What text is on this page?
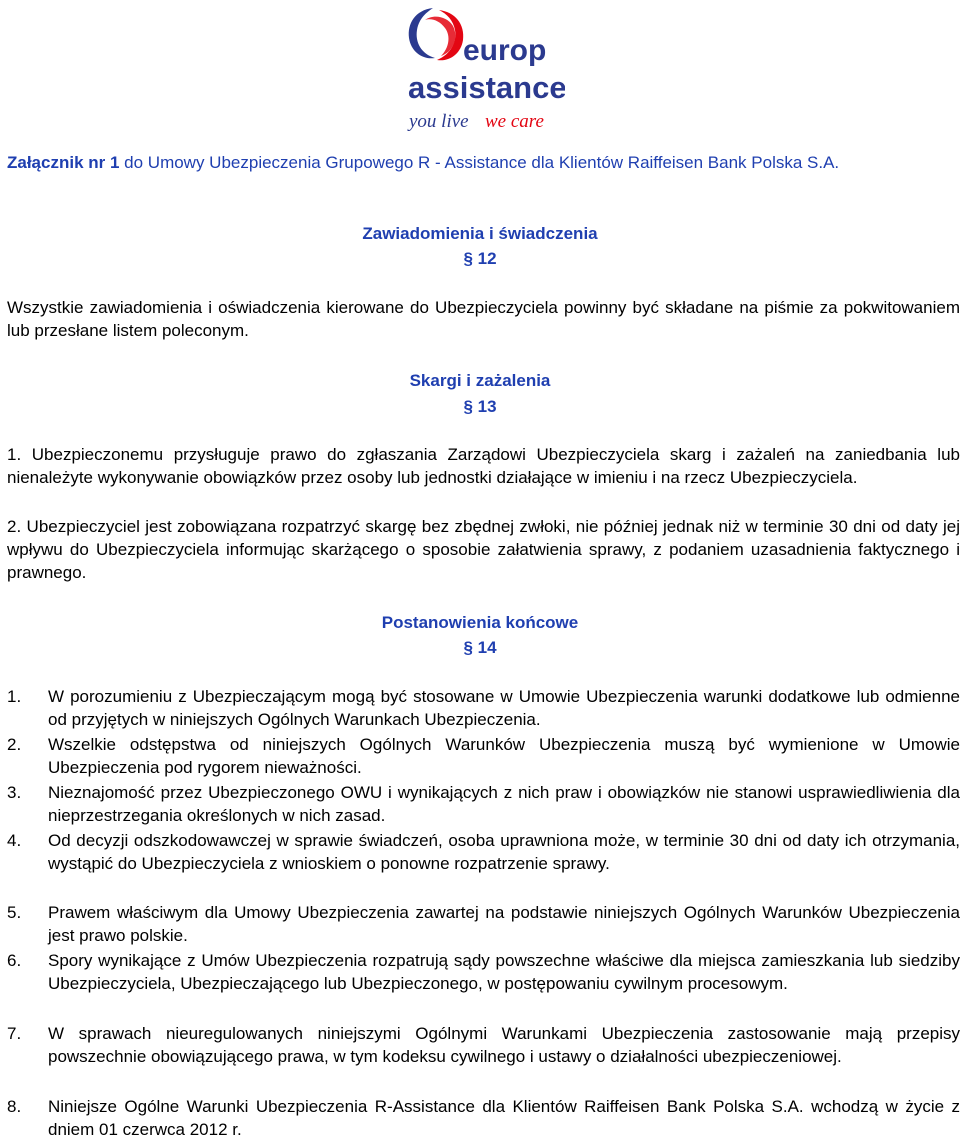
europ
assistance
you live we care
Załącznik nr 1 do Umowy Ubezpieczenia Grupowego R - Assistance dla Klientów Raiffeisen Bank Polska S.A.
Zawiadomienia i świadczenia
§ 12
Wszystkie zawiadomienia i oświadczenia kierowane do Ubezpieczyciela powinny być składane na piśmie za pokwitowaniem lub przesłane listem poleconym.
Skargi i zażalenia
§ 13
1. Ubezpieczonemu przysługuje prawo do zgłaszania Zarządowi Ubezpieczyciela skarg i zażaleń na zaniedbania lub nienależyte wykonywanie obowiązków przez osoby lub jednostki działające w imieniu i na rzecz Ubezpieczyciela.
2. Ubezpieczyciel jest zobowiązana rozpatrzyć skargę bez zbędnej zwłoki, nie później jednak niż w terminie 30 dni od daty jej wpływu do Ubezpieczyciela informując skarżącego o sposobie załatwienia sprawy, z podaniem uzasadnienia faktycznego i prawnego.
Postanowienia końcowe
§ 14
1. W porozumieniu z Ubezpieczającym mogą być stosowane w Umowie Ubezpieczenia warunki dodatkowe lub odmienne od przyjętych w niniejszych Ogólnych Warunkach Ubezpieczenia.
2. Wszelkie odstępstwa od niniejszych Ogólnych Warunków Ubezpieczenia muszą być wymienione w Umowie Ubezpieczenia pod rygorem nieważności.
3. Nieznajomość przez Ubezpieczonego OWU i wynikających z nich praw i obowiązków nie stanowi usprawiedliwienia dla nieprzestrzegania określonych w nich zasad.
4. Od decyzji odszkodowawczej w sprawie świadczeń, osoba uprawniona może, w terminie 30 dni od daty ich otrzymania, wystąpić do Ubezpieczyciela z wnioskiem o ponowne rozpatrzenie sprawy.
5. Prawem właściwym dla Umowy Ubezpieczenia zawartej na podstawie niniejszych Ogólnych Warunków Ubezpieczenia jest prawo polskie.
6. Spory wynikające z Umów Ubezpieczenia rozpatrują sądy powszechne właściwe dla miejsca zamieszkania lub siedziby Ubezpieczyciela, Ubezpieczającego lub Ubezpieczonego, w postępowaniu cywilnym procesowym.
7. W sprawach nieuregulowanych niniejszymi Ogólnymi Warunkami Ubezpieczenia zastosowanie mają przepisy powszechnie obowiązującego prawa, w tym kodeksu cywilnego i ustawy o działalności ubezpieczeniowej.
8. Niniejsze Ogólne Warunki Ubezpieczenia R-Assistance dla Klientów Raiffeisen Bank Polska S.A. wchodzą w życie z dniem 01 czerwca 2012 r.
